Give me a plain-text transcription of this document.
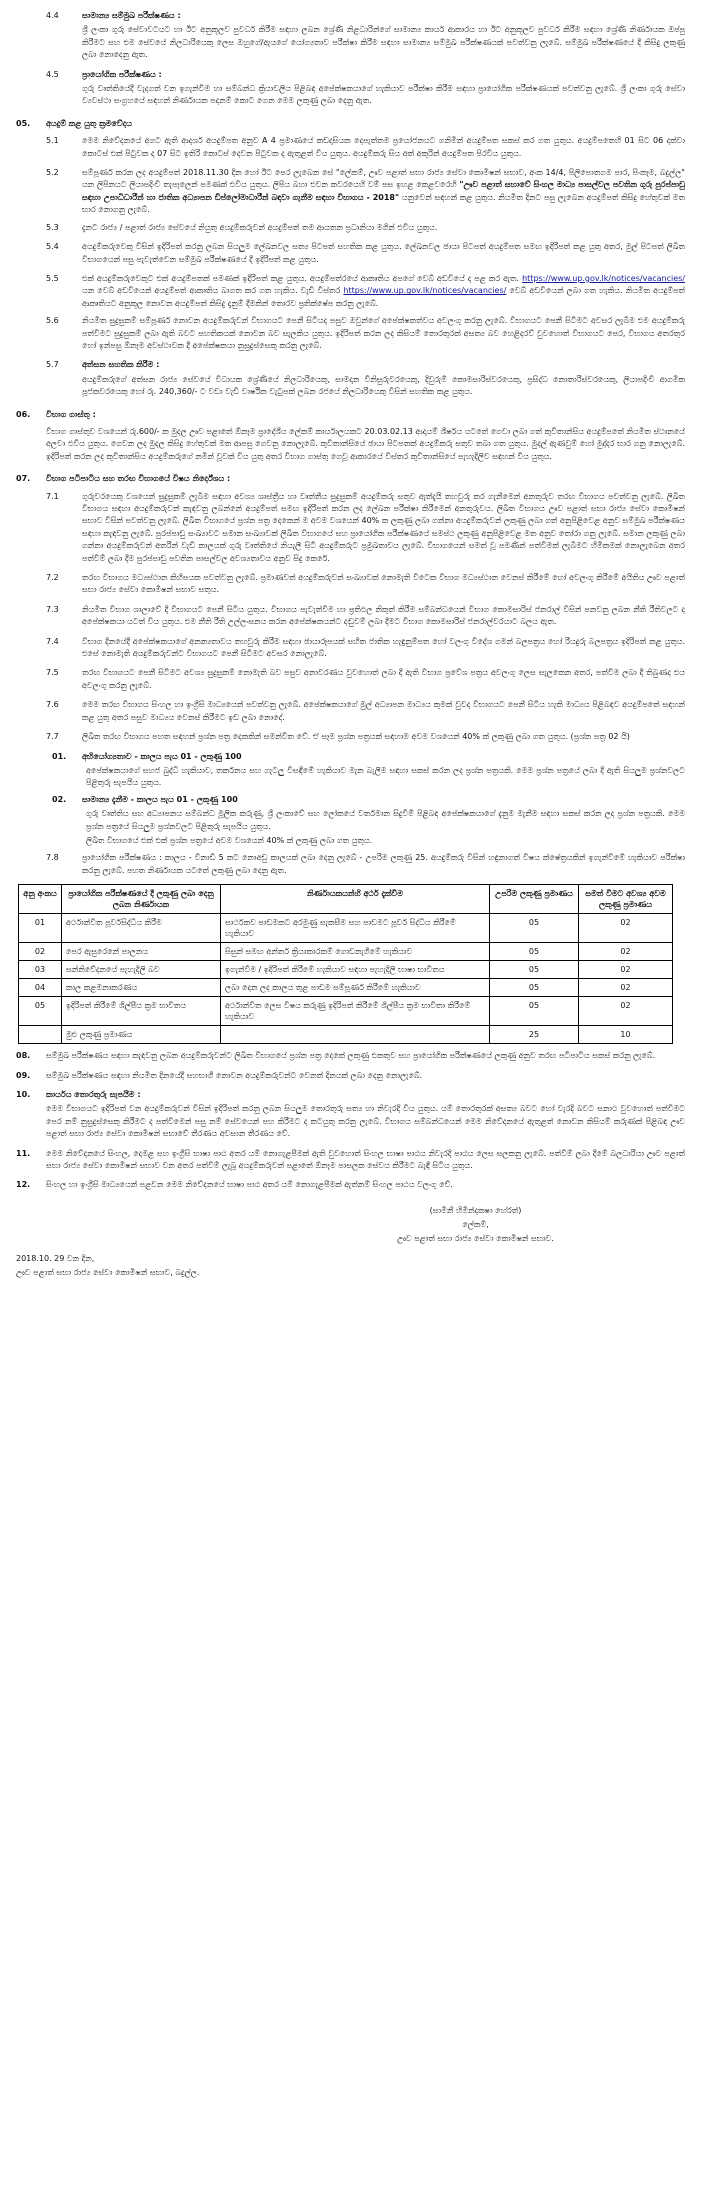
4.4	සාමාන්‍ය සම්මුඛ පරීක්ෂණය :
ශ්‍රී ලංකා ගුරු සේවාවටයට හා ඊට අනුකූලව පුවර්ධ කිරීම සඳහා ලබන ශ්‍රේණි නිළධාරින්ගේ සාමාන්‍ය කාර්ය ආකාරය හා ඊට අනුකූලව පුවර්ධ කිරීම සඳහා ශ්‍රේණි නිර්ණායක ඔප්පු කිරීමට සහ එම සේවයේ නිලධාරියෙකු ලෙස ඔහුගේ/ඇයගේ යෝග්‍යතාව පරීක්ෂා කිරීම සඳහා සාමාන්‍ය සම්මුඛ පරීක්ෂණයක් පවත්වනු ලැබේ. සම්මුඛ පරීක්ෂණයේ දී කිසිදු ලකුණු ලබා නොදෙනු ඇත.
4.5	ප්‍රායෝගික පරීක්ෂණය :
ගුරු වෘත්තියේදී වැදගත් වන ඉගැන්වීම හා සම්බන්ධ ක්‍රියාවලිය පිළිබඳ අපේක්ෂකයාගේ හැකියාව පරීක්ෂා කිරීම සඳහා ප්‍රායෝගික පරීක්ෂණයක් පවත්වනු ලැබේ. ශ්‍රී ලංකා ගුරු සේවා ව්‍යවස්ථා සංග්‍රහයේ සඳහන් නිර්ණායක පදනම් කොට ගෙන මෙම ලකුණු ලබා දෙනු ඇත.
05.	අයදුම් කළ යුතු ක්‍රමවේදය
5.1	මෙම නිවේදනයේ අගට ඇති ආදර්ශ අයදුම්පත අනුව A 4 ප්‍රමාණයේ කඩදාසියක දෙපැත්තම ප්‍රයෝජනයට ගනිමින් අයදුම්පත සකස් කර ගත යුතුය. අයදුම්පතෙහි 01 සිට 06 දක්වා කොටස් එක් පිටුවක ද 07 සිට ඉතිරි කොටස් දෙවන පිටුවක ද ඇතුළත් විය යුතුය. අයදුම්කරු සිය අත් අකුරින් අයදුම්පත පිරවිය යුතුය.
5.2	සම්පූර්ණ කරන ලද අයදුම්පත් 2018.11.30 දින හෝ ඊට පෙර ලැබෙන සේ "ලේකම්, ඌව පළාත් සභා රාජ්‍ය සේවා කොමිෂන් සභාව, අංක 14/4, පිලිපොතගම පාර, පිංකෑම, බදුල්ල" යන ලිපිනයට ලියාපදිංචි තැපෑලෙන් පමණක් එවිය යුතුය. ලිපිය බහා එවන කවරයෙහි වම් පස ඉහළ කෙළවරෙහි "ඌව පළාත් සභාවේ සිංහල මාධ්‍ය පාසල්වල පවතින ගුරු පුරප්පාඩු සඳහා උපාධිධාරීන් හා ජාතික අධ්‍යාපන ඩිප්ලෝමාධාරීන් බඳවා ගැනීම සඳහා විභාගය - 2018" යනුවෙන් සඳහන් කළ යුතුය. නියමිත දිනට පසු ලැබෙන අයදුම්පත් කිසිදු හේතුවක් මත භාර නොගනු ලැබේ.
5.3	දැනට රාජ්‍ය / පළාත් රාජ්‍ය සේවයේ නියුතු අයදුම්කරුවන් අයදුම්පත් තම ආයතන ප්‍රධානියා මගින් එවිය යුතුය.
5.4	අයදුම්කරුවෙකු විසින් ඉදිරිපත් කරනු ලබන සියලුම ලේඛනවල සත්‍ය පිටපත් සහතික කළ යුතුය. ලේඛනවල ඡායා පිටපත් අයදුම්පත සමඟ ඉදිරිපත් කළ යුතු අතර, මුල් පිටපත් ලිඛිත විභාගයෙන් පසු පැවැත්වෙන සම්මුඛ පරීක්ෂණයේ දී ඉදිරිපත් කළ යුතුය.
5.5	එක් අයදුම්කරුවෙකුට එක් අයදුම්පතක් පමණක් ඉදිරිපත් කළ යුතුය. අයදුම්පත්රයේ ආකෘතිය අපගේ වෙබ් අඩවියේ ද පළ කර ඇත. https://www.up.gov.lk/notices/vacancies/ යන වෙබ් අඩවියෙන් අයදුම්පත් ආකෘතිය බාගත කර ගත හැකිය. වැඩි විස්තර https://www.up.gov.lk/notices/vacancies/ වෙබ් අඩවියෙන් ලබා ගත හැකිය. නියමිත අයදුම්පත් ආකෘතියට අනුකූල නොවන අයදුම්පත් කිසිදු දැනුම් දීමකින් තොරව ප්‍රතික්ෂේප කරනු ලැබේ.
5.6	නියමිත සුදුසුකම් සම්පූර්ණ නොවන අයදුම්කරුවන් විභාගයට පෙනී සිටියද පසුව ඔවුන්ගේ අපේක්ෂකත්වය අවලංගු කරනු ලැබේ. විභාගයට පෙනී සිටීමට අවසර ලැබීම එම අයදුම්කරු පත්වීමට සුදුසුකම් ලබා ඇති බවට සහතිකයක් නොවන බව සැලකිය යුතුය. ඉදිරිපත් කරන ලද කිසියම් තොරතුරක් අසත්‍ය බව හෙළිදරව් වුවහොත් විභාගයට පෙර, විභාගය අතරතුර හෝ ඉන්පසු ඕනෑම අවස්ථාවක දී අපේක්ෂකයා නුසුදුස්සෙකු කරනු ලැබේ.
5.7	අත්සන සහතික කිරීම :
අයදුම්කරුගේ අත්සන රාජ්‍ය සේවයේ විධායක ශ්‍රේණියේ නිලධාරියෙකු, සාමදාන විනිසුරුවරයෙකු, දිවුරුම් කොමසාරිස්වරයෙකු, ප්‍රසිද්ධ නොතාරිස්වරයෙකු, ලියාපදිංචි ආගමික පූජකවරයෙකු හෝ රු. 240,360/- ට වඩා වැඩි වාර්ෂික වැටුපක් ලබන රජයේ නිලධාරියෙකු විසින් සහතික කළ යුතුය.
06.	විභාග ගාස්තු :
විභාග ගාස්තුව වශයෙන් රු.600/- ක මුදල ඌව පළාතේ ඕනෑම ප්‍රාදේශීය ලේකම් කාර්යාලයකට 20.03.02.13 ආදායම් ශීර්ෂය යටතේ ගෙවා ලබා ගත් කුවිතාන්සිය අයදුම්පතේ නියමිත ස්ථානයේ අලවා එවිය යුතුය. ගෙවන ලද මුදල කිසිදු හේතුවක් මත ආපසු ගෙවනු නොලැබේ. කුවිතාන්සියේ ඡායා පිටපතක් අයදුම්කරු සතුව තබා ගත යුතුය. මුදල් ඇණවුම් හෝ මුද්දර භාර ගනු නොලැබේ. ඉදිරිපත් කරන ලද කුවිතාන්සිය අයදුම්කරුගේ නමින් වූවක් විය යුතු අතර විභාග ගාස්තු ගෙවූ ආකාරයේ විස්තර කුවිතාන්සියේ පැහැදිලිව සඳහන් විය යුතුය.
07.	විභාග පටිපාටිය සහ තරඟ විභාගයේ විෂය නිර්දේශය :
7.1	ගුරුවරයෙකු වශයෙන් සුදුසුකම් ලැබීම සඳහා අවශ්‍ය ශාස්ත්‍රීය හා වෘත්තීය සුදුසුකම් අයදුම්කරු සතුව ඇත්දැයි තහවුරු කර ගැනීමෙන් අනතුරුව තරඟ විභාගය පවත්වනු ලැබේ. ලිඛිත විභාගය සඳහා අයදුම්කරුවන් කැඳවනු ලබන්නේ අයදුම්පත් සමඟ ඉදිරිපත් කරන ලද ලේඛන පරීක්ෂා කිරීමෙන් අනතුරුවය. ලිඛිත විභාගය ඌව පළාත් සභා රාජ්‍ය සේවා කොමිෂන් සභාව විසින් පවත්වනු ලැබේ. ලිඛිත විභාගයේ ප්‍රශ්න පත්‍ර දෙකෙන් ම අවම වශයෙන් 40% ක ලකුණු ලබා ගන්නා අයදුම්කරුවන් ලකුණු ලබා ගත් අනුපිළිවෙළ අනුව සම්මුඛ පරීක්ෂණය සඳහා කැඳවනු ලැබේ. පුරප්පාඩු සංඛ්‍යාවට සමාන සංඛ්‍යාවක් ලිඛිත විභාගයේ සහ ප්‍රායෝගික පරීක්ෂණයේ සමස්ථ ලකුණු අනුපිළිවෙළ මත අනුව තෝරා ගනු ලැබේ. සමාන ලකුණු ලබා ගන්නා අයදුම්කරුවන් අතරින් වැඩි කාලයක් ගුරු වෘත්තියේ නියැලී සිටි අයදුම්කරුට ප්‍රමුඛතාවය ලැබේ. විභාගයෙන් සමත් වූ පමණින් පත්වීමක් ලැබීමට හිමිකමක් නොලැබෙන අතර පත්වීම් ලබා දීම පුරප්පාඩු පවතින පාසල්වල අවශ්‍යතාවය අනුව සිදු කෙරේ.
7.2	තරඟ විභාගය මධ්‍යස්ථාන කිහිපයක පවත්වනු ලැබේ. ප්‍රමාණවත් අයදුම්කරුවන් සංඛ්‍යාවක් නොමැති විටෙක විභාග මධ්‍යස්ථාන වෙනස් කිරීමේ හෝ අවලංගු කිරීමේ අයිතිය ඌව පළාත් සභා රාජ්‍ය සේවා කොමිෂන් සභාව සතුය.
7.3	නියමිත විභාග ශාලාවේ දී විභාගයට පෙනී සිටිය යුතුය. විභාගය පැවැත්වීම හා ප්‍රතිඵල නිකුත් කිරීම සම්බන්ධයෙන් විභාග කොමසාරිස් ජනරාල් විසින් පනවනු ලබන නීති රීතිවලට ද අපේක්ෂකයා යටත් විය යුතුය. එම නීති රීති උල්ලංඝනය කරන අපේක්ෂකයන්ට දඬුවම් ලබා දීමට විභාග කොමසාරිස් ජනරාල්වරයාට බලය ඇත.
7.4	විභාග දිනයේදී අපේක්ෂකයාගේ අනන්‍යතාවය තහවුරු කිරීම සඳහා ඡායාරූපයක් සහිත ජාතික හැඳුනුම්පත හෝ වලංගු විදේශ ගමන් බලපත්‍රය හෝ රියදුරු බලපත්‍රය ඉදිරිපත් කළ යුතුය. එසේ නොමැති අයදුම්කරුවන්ට විභාගයට පෙනී සිටීමට අවසර නොලැබේ.
7.5	තරඟ විභාගයට පෙනී සිටීමට අවශ්‍ය සුදුසුකම් නොමැති බව පසුව අනාවරණය වුවහොත් ලබා දී ඇති විභාග ප්‍රවේශ පත්‍රය අවලංගු ලෙස සැලකෙන අතර, පත්වීම ලබා දී තිබුණද එය අවලංගු කරනු ලැබේ.
7.6	මෙම තරඟ විභාගය සිංහල හා ඉංග්‍රීසි මාධ්‍යයෙන් පවත්වනු ලැබේ. අපේක්ෂකයාගේ මුල් අධ්‍යාපන මාධ්‍යය කුමක් වුවද විභාගයට පෙනී සිටිය හැකි මාධ්‍යය පිළිබඳව අයදුම්පතේ සඳහන් කළ යුතු අතර පසුව මාධ්‍යය වෙනස් කිරීමට ඉඩ ලබා නොදේ.
7.7	ලිඛිත තරඟ විභාගය පහත සඳහන් ප්‍රශ්න පත්‍ර දෙකකින් සමන්විත වේ. ඒ සෑම ප්‍රශ්න පත්‍රයක් සඳහාම අවම වශයෙන් 40% ක් ලකුණු ලබා ගත යුතුය. (ප්‍රශ්න පත්‍ර 02 යි)
01.	අභියෝග්‍යතාව - කාලය පැය 01 - ලකුණු 100
අපේක්ෂකයාගේ සහජ බුද්ධි හැකියාව, තර්කනය සහ ගැටලු විසඳීමේ හැකියාව මැන බැලීම සඳහා සකස් කරන ලද ප්‍රශ්න පත්‍රයකි. මෙම ප්‍රශ්න පත්‍රයේ ලබා දී ඇති සියලුම ප්‍රශ්නවලට පිළිතුරු සැපයිය යුතුය.
02.	සාමාන්‍ය දැනීම - කාලය පැය 01 - ලකුණු 100
ගුරු වෘත්තිය සහ අධ්‍යාපනය සම්බන්ධ මූලික කරුණු, ශ්‍රී ලංකාවේ සහ ලෝකයේ වර්තමාන සිදුවීම් පිළිබඳ අපේක්ෂකයාගේ දැනුම මැනීම සඳහා සකස් කරන ලද ප්‍රශ්න පත්‍රයකි. මෙම ප්‍රශ්න පත්‍රයේ සියලුම ප්‍රශ්නවලට පිළිතුරු සැපයිය යුතුය.
ලිඛිත විභාගයේ එක් එක් ප්‍රශ්න පත්‍රයේ අවම වශයෙන් 40% ක් ලකුණු ලබා ගත යුතුය.
7.8	ප්‍රායෝගික පරීක්ෂණය : කාලය - විනාඩි 5 කට නොඅඩු කාලයක් ලබා දෙනු ලැබේ - උපරිම ලකුණු 25. අයදුම්කරු විසින් හඳුනාගත් විෂය ක්ෂේත්‍රයකින් ඉගැන්වීමේ හැකියාව පරීක්ෂා කරනු ලැබේ. පහත නිර්ණායක යටතේ ලකුණු ලබා දෙනු ඇත.
අනු අංකය	ප්‍රායෝගික පරීක්ෂණයේ දී ලකුණු ලබා දෙනු ලබන නිර්ණායක	නිර්ණායකයන්හි අර්ථ දැක්වීම	උපරිම ලකුණු ප්‍රමාණය	සමත් වීමට අවශ්‍ය අවම ලකුණු ප්‍රමාණය
01	අර්ථාන්විත පූර්වසිද්ධිය කිරීම	සාර්ථකව පාඩමකට අරමුණු සැකසීම සහ පාඩමට පූර්ව සිද්ධිය කිරීමේ හැකියාව	05	02
02	පෙර ඇසුරෙනේ පාලනය	සිසුන් සමඟ අන්තර් ක්‍රියාකාරකම් ගොඩනැගීමේ හැකියාව	05	02
03	සන්නිවේදනයේ පැහැදිලි බව	ඉගැන්වීම / ඉදිරිපත් කිරීමේ හැකියාව සඳහා පැහැදිලි භාෂා භාවිතය	05	02
04	කාල කළමනාකරණය	ලබා දෙන ලද කාලය තුළ පාඩම සම්පූර්ණ කිරීමේ හැකියාව	05	02
05	ඉදිරිපත් කිරීමේ ශිල්පීය ක්‍රම භාවිතය	අර්ථාන්විත ලෙස විෂය කරුණු ඉදිරිපත් කිරීමේ ශිල්පීය ක්‍රම භාවිතා කිරීමේ හැකියාව	05	02
	මුළු ලකුණු ප්‍රමාණය		25	10
08.	සම්මුඛ පරීක්ෂණය සඳහා කැඳවනු ලබන අයදුම්කරුවන්ට ලිඛිත විභාගයේ ප්‍රශ්න පත්‍ර දෙකේ ලකුණු එකතුව සහ ප්‍රායෝගික පරීක්ෂණයේ ලකුණු අනුව තරඟ පටිපාටිය සකස් කරනු ලැබේ.
09.	සම්මුඛ පරීක්ෂණය සඳහා නියමිත දිනයේදී සහභාගී නොවන අයදුම්කරුවන්ට වෙනත් දිනයක් ලබා දෙනු නොලැබේ.
10.	කාර්යය තොරතුරු සැපයීම :
මෙම විභාගයට ඉදිරිපත් වන අයදුම්කරුවන් විසින් ඉදිරිපත් කරනු ලබන සියලුම තොරතුරු සත්‍ය හා නිවැරදි විය යුතුය. යම් තොරතුරක් අසත්‍ය බවට හෝ වැරදි බවට සනාථ වුවහොත් පත්වීමට පෙර නම් නුසුදුස්සෙකු කිරීමට ද පත්වීමෙන් පසු නම් සේවයෙන් පහ කිරීමට ද කටයුතු කරනු ලැබේ. විභාගය සම්බන්ධයෙන් මෙම නිවේදනයේ ඇතුළත් නොවන කිසියම් කරුණක් පිළිබඳ ඌව පළාත් සභා රාජ්‍ය සේවා කොමිෂන් සභාවේ තීරණය අවසාන තීරණය වේ.
11.	මෙම නිවේදනයේ සිංහල, දෙමළ සහ ඉංග්‍රීසි භාෂා පාඨ අතර යම් නොගැළපීමක් ඇති වුවහොත් සිංහල භාෂා පාඨය නිවැරදි පාඨය ලෙස සලකනු ලැබේ. පත්වීම් ලබා දීමේ බලධාරියා ඌව පළාත් සභා රාජ්‍ය සේවා කොමිෂන් සභාව වන අතර පත්වීම් ලැබූ අයදුම්කරුවන් පළාතේ ඕනෑම පාසලක සේවය කිරීමට බැඳී සිටිය යුතුය.
12.	සිංහල හා ඉංග්‍රීසි මාධ්‍යයෙන් පළවන මෙම නිවේදනයේ භාෂා පාඨ අතර යම් නොගැළපීමක් ඇත්නම් සිංහල පාඨය වලංගු වේ.
(සාමිනී හිමින්දකෂා හේරත්)
ලේකම්,
ඌව පළාත් සභා රාජ්‍ය සේවා කොමිෂන් සභාව.
2018.10. 29 වන දින,
ඌව පළාත් සභා රාජ්‍ය සේවා කොමිෂන් සභාව, බදුල්ල.
